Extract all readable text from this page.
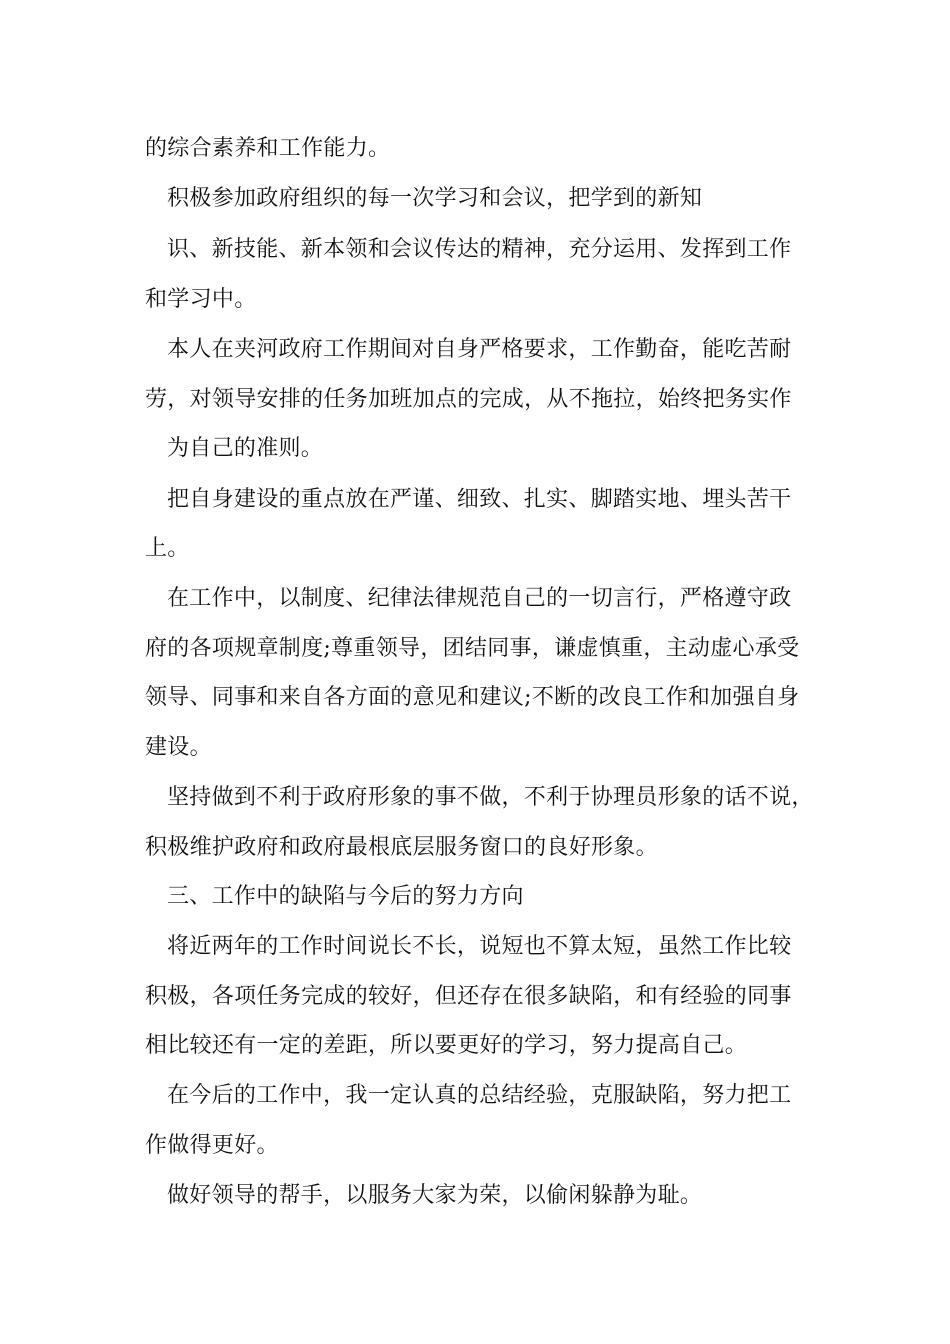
的综合素养和工作能力。
积极参加政府组织的每一次学习和会议，把学到的新知
识、新技能、新本领和会议传达的精神，充分运用、发挥到工作
和学习中。
本人在夹河政府工作期间对自身严格要求，工作勤奋，能吃苦耐
劳，对领导安排的任务加班加点的完成，从不拖拉，始终把务实作
为自己的准则。
把自身建设的重点放在严谨、细致、扎实、脚踏实地、埋头苦干
上。
在工作中，以制度、纪律法律规范自己的一切言行，严格遵守政
府的各项规章制度;尊重领导，团结同事，谦虚慎重，主动虚心承受
领导、同事和来自各方面的意见和建议;不断的改良工作和加强自身
建设。
坚持做到不利于政府形象的事不做，不利于协理员形象的话不说，
积极维护政府和政府最根底层服务窗口的良好形象。
三、工作中的缺陷与今后的努力方向
将近两年的工作时间说长不长，说短也不算太短，虽然工作比较
积极，各项任务完成的较好，但还存在很多缺陷，和有经验的同事
相比较还有一定的差距，所以要更好的学习，努力提高自己。
在今后的工作中，我一定认真的总结经验，克服缺陷，努力把工
作做得更好。
做好领导的帮手，以服务大家为荣，以偷闲躲静为耻。
